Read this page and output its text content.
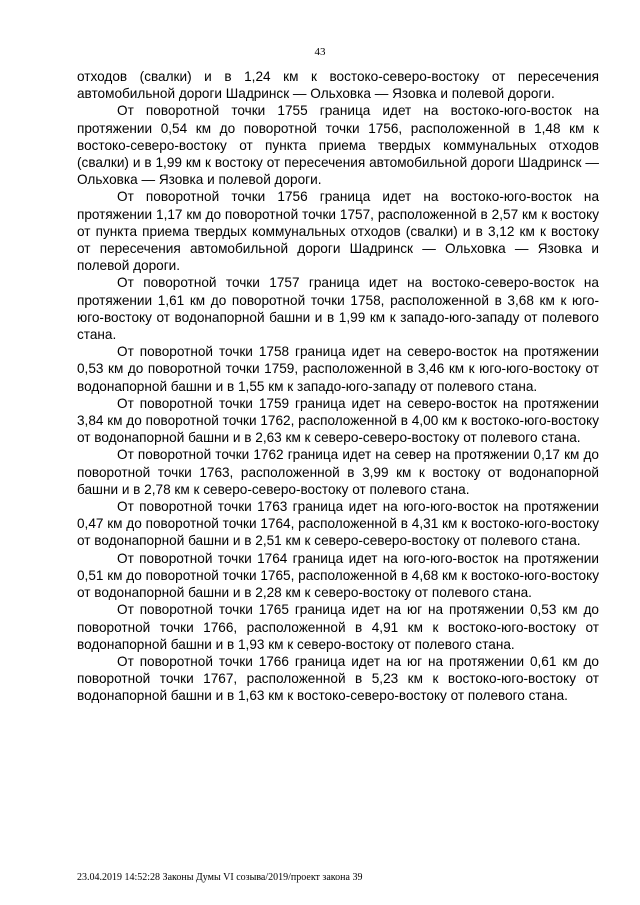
43

отходов (свалки) и в 1,24 км к востоко-северо-востоку от пересечения автомобильной дороги Шадринск — Ольховка — Язовка и полевой дороги.

От поворотной точки 1755 граница идет на востоко-юго-восток на протяжении 0,54 км до поворотной точки 1756, расположенной в 1,48 км к востоко-северо-востоку от пункта приема твердых коммунальных отходов (свалки) и в 1,99 км к востоку от пересечения автомобильной дороги Шадринск — Ольховка — Язовка и полевой дороги.

От поворотной точки 1756 граница идет на востоко-юго-восток на протяжении 1,17 км до поворотной точки 1757, расположенной в 2,57 км к востоку от пункта приема твердых коммунальных отходов (свалки) и в 3,12 км к востоку от пересечения автомобильной дороги Шадринск — Ольховка — Язовка и полевой дороги.

От поворотной точки 1757 граница идет на востоко-северо-восток на протяжении 1,61 км до поворотной точки 1758, расположенной в 3,68 км к юго-юго-востоку от водонапорной башни и в 1,99 км к западо-юго-западу от полевого стана.

От поворотной точки 1758 граница идет на северо-восток на протяжении 0,53 км до поворотной точки 1759, расположенной в 3,46 км к юго-юго-востоку от водонапорной башни и в 1,55 км к западо-юго-западу от полевого стана.

От поворотной точки 1759 граница идет на северо-восток на протяжении 3,84 км до поворотной точки 1762, расположенной в 4,00 км к востоко-юго-востоку от водонапорной башни и в 2,63 км к северо-северо-востоку от полевого стана.

От поворотной точки 1762 граница идет на север на протяжении 0,17 км до поворотной точки 1763, расположенной в 3,99 км к востоку от водонапорной башни и в 2,78 км к северо-северо-востоку от полевого стана.

От поворотной точки 1763 граница идет на юго-юго-восток на протяжении 0,47 км до поворотной точки 1764, расположенной в 4,31 км к востоко-юго-востоку от водонапорной башни и в 2,51 км к северо-северо-востоку от полевого стана.

От поворотной точки 1764 граница идет на юго-юго-восток на протяжении 0,51 км до поворотной точки 1765, расположенной в 4,68 км к востоко-юго-востоку от водонапорной башни и в 2,28 км к северо-востоку от полевого стана.

От поворотной точки 1765 граница идет на юг на протяжении 0,53 км до поворотной точки 1766, расположенной в 4,91 км к востоко-юго-востоку от водонапорной башни и в 1,93 км к северо-востоку от полевого стана.

От поворотной точки 1766 граница идет на юг на протяжении 0,61 км до поворотной точки 1767, расположенной в 5,23 км к востоко-юго-востоку от водонапорной башни и в 1,63 км к востоко-северо-востоку от полевого стана.

23.04.2019 14:52:28 Законы Думы VI созыва/2019/проект закона 39
